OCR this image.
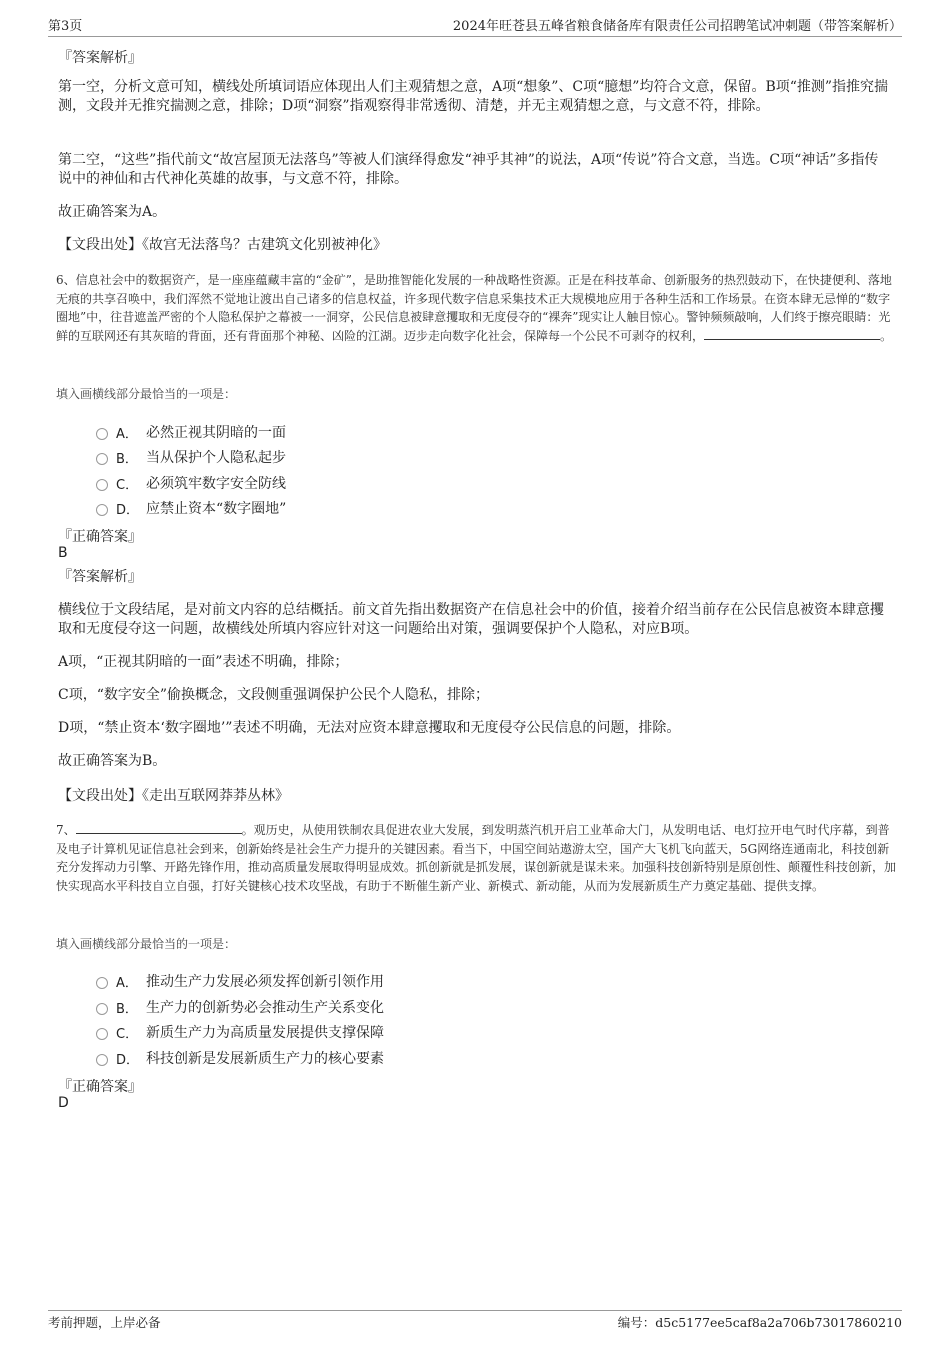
第3页	2024年旺苍县五峰省粮食储备库有限责任公司招聘笔试冲刺题（带答案解析）
『答案解析』

第一空，分析文意可知，横线处所填词语应体现出人们主观猜想之意，A项“想象”、C项“臆想”均符合文意，保留。B项“推测”指推究揣测，文段并无推究揣测之意，排除；D项“洞察”指观察得非常透彻、清楚，并无主观猜想之意，与文意不符，排除。

第二空，“这些”指代前文“故宫屋顶无法落鸟”等被人们演绎得愈发“神乎其神”的说法，A项“传说”符合文意，当选。C项“神话”多指传说中的神仙和古代神化英雄的故事，与文意不符，排除。

故正确答案为A。

【文段出处】《故宫无法落鸟？古建筑文化别被神化》

6、信息社会中的数据资产，是一座座蕴藏丰富的“金矿”，是助推智能化发展的一种战略性资源。正是在科技革命、创新服务的热烈鼓动下，在快捷便利、落地无痕的共享召唤中，我们浑然不觉地让渡出自己诸多的信息权益，许多现代数字信息采集技术正大规模地应用于各种生活和工作场景。在资本肆无忌惮的“数字圈地”中，往昔遮盖严密的个人隐私保护之幕被一一洞穿，公民信息被肆意攫取和无度侵夺的“裸奔”现实让人触目惊心。警钟频频敲响，人们终于擦亮眼睛：光鲜的互联网还有其灰暗的背面，还有背面那个神秘、凶险的江湖。迈步走向数字化社会，保障每一个公民不可剥夺的权利，	。

填入画横线部分最恰当的一项是：
A． 必然正视其阴暗的一面
B． 当从保护个人隐私起步
C． 必须筑牢数字安全防线
D． 应禁止资本“数字圈地”
『正确答案』
B
『答案解析』

横线位于文段结尾，是对前文内容的总结概括。前文首先指出数据资产在信息社会中的价值，接着介绍当前存在公民信息被资本肆意攫取和无度侵夺这一问题，故横线处所填内容应针对这一问题给出对策，强调要保护个人隐私，对应B项。

A项，“正视其阴暗的一面”表述不明确，排除；

C项，“数字安全”偷换概念，文段侧重强调保护公民个人隐私，排除；

D项，“禁止资本‘数字圈地’”表述不明确，无法对应资本肆意攫取和无度侵夺公民信息的问题，排除。

故正确答案为B。

【文段出处】《走出互联网莽莽丛林》

7、	。观历史，从使用铁制农具促进农业大发展，到发明蒸汽机开启工业革命大门，从发明电话、电灯拉开电气时代序幕，到普及电子计算机见证信息社会到来，创新始终是社会生产力提升的关键因素。看当下，中国空间站遨游太空，国产大飞机飞向蓝天，5G网络连通南北，科技创新充分发挥动力引擎、开路先锋作用，推动高质量发展取得明显成效。抓创新就是抓发展，谋创新就是谋未来。加强科技创新特别是原创性、颠覆性科技创新，加快实现高水平科技自立自强，打好关键核心技术攻坚战，有助于不断催生新产业、新模式、新动能，从而为发展新质生产力奠定基础、提供支撑。

填入画横线部分最恰当的一项是：
A． 推动生产力发展必须发挥创新引领作用
B． 生产力的创新势必会推动生产关系变化
C． 新质生产力为高质量发展提供支撑保障
D． 科技创新是发展新质生产力的核心要素
『正确答案』
D
考前押题，上岸必备	编号：d5c5177ee5caf8a2a706b73017860210
